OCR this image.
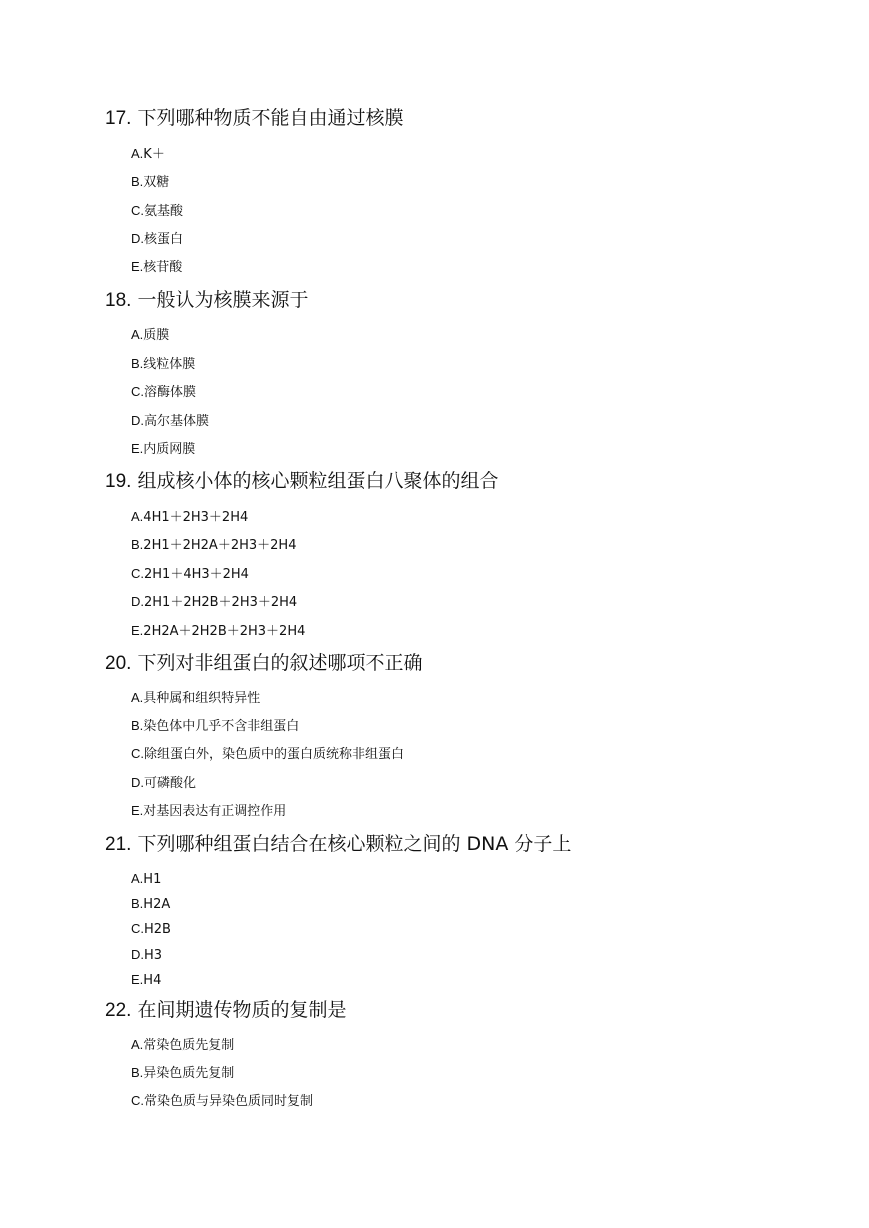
17. 下列哪种物质不能自由通过核膜
A.K＋
B.双糖
C.氨基酸
D.核蛋白
E.核苷酸
18. 一般认为核膜来源于
A.质膜
B.线粒体膜
C.溶酶体膜
D.高尔基体膜
E.内质网膜
19. 组成核小体的核心颗粒组蛋白八聚体的组合
A.4H1＋2H3＋2H4
B.2H1＋2H2A＋2H3＋2H4
C.2H1＋4H3＋2H4
D.2H1＋2H2B＋2H3＋2H4
E.2H2A＋2H2B＋2H3＋2H4
20. 下列对非组蛋白的叙述哪项不正确
A.具种属和组织特异性
B.染色体中几乎不含非组蛋白
C.除组蛋白外，染色质中的蛋白质统称非组蛋白
D.可磷酸化
E.对基因表达有正调控作用
21. 下列哪种组蛋白结合在核心颗粒之间的 DNA 分子上
A.H1
B.H2A
C.H2B
D.H3
E.H4
22. 在间期遗传物质的复制是
A.常染色质先复制
B.异染色质先复制
C.常染色质与异染色质同时复制
